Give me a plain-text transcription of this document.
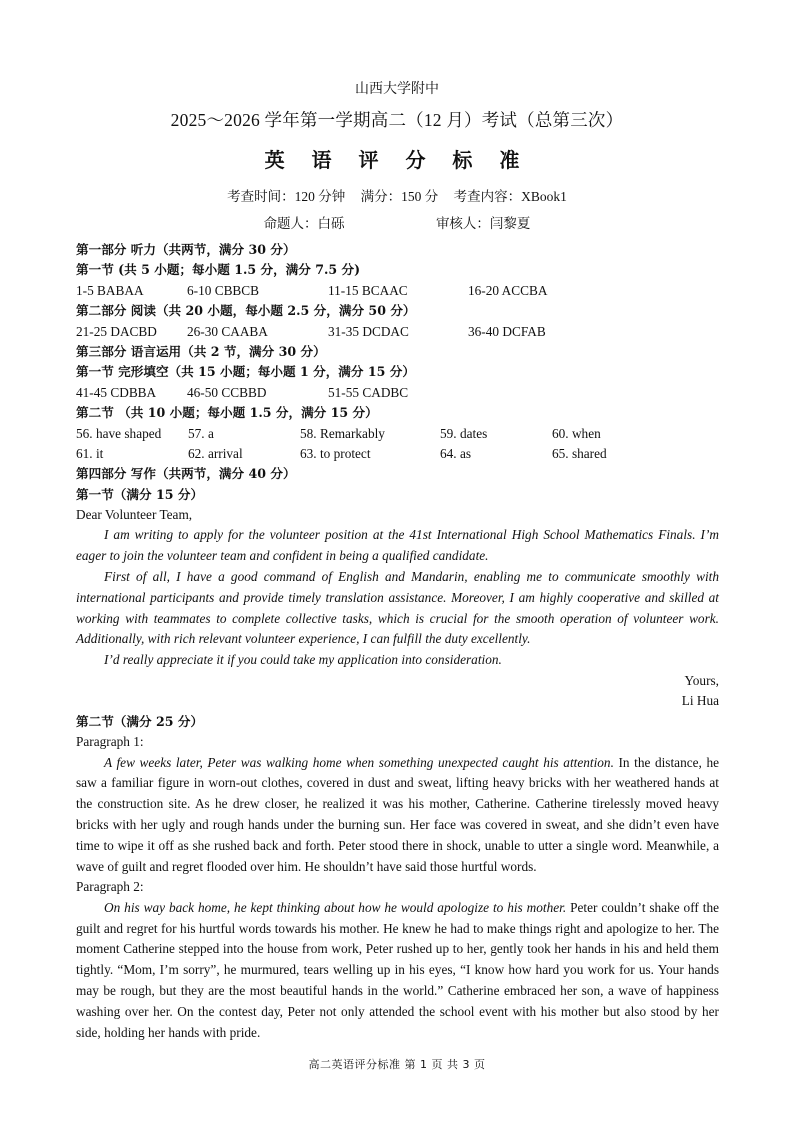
山西大学附中
2025～2026 学年第一学期高二（12 月）考试（总第三次）
英 语 评 分 标 准
考查时间：120 分钟 满分：150 分 考查内容：XBook1
命题人：白砾	审核人：闫黎夏
第一部分 听力（共两节，满分 30 分）
第一节 (共 5 小题；每小题 1.5 分，满分 7.5 分)
1-5 BABAA	6-10 CBBCB	11-15 BCAAC	16-20 ACCBA
第二部分 阅读（共 20 小题，每小题 2.5 分，满分 50 分）
21-25 DACBD	26-30 CAABA	31-35 DCDAC	36-40 DCFAB
第三部分 语言运用（共 2 节，满分 30 分）
第一节 完形填空（共 15 小题；每小题 1 分，满分 15 分）
41-45 CDBBA	46-50 CCBBD	51-55 CADBC
第二节 （共 10 小题；每小题 1.5 分，满分 15 分）
56. have shaped	57. a	58. Remarkably	59. dates	60. when
61. it	62. arrival	63. to protect	64. as	65. shared
第四部分 写作（共两节，满分 40 分）
第一节（满分 15 分）
Dear Volunteer Team,

I am writing to apply for the volunteer position at the 41st International High School Mathematics Finals. I’m eager to join the volunteer team and confident in being a qualified candidate.

First of all, I have a good command of English and Mandarin, enabling me to communicate smoothly with international participants and provide timely translation assistance. Moreover, I am highly cooperative and skilled at working with teammates to complete collective tasks, which is crucial for the smooth operation of volunteer work. Additionally, with rich relevant volunteer experience, I can fulfill the duty excellently.

I’d really appreciate it if you could take my application into consideration.

Yours,
Li Hua
第二节（满分 25 分）
Paragraph 1:

A few weeks later, Peter was walking home when something unexpected caught his attention. In the distance, he saw a familiar figure in worn-out clothes, covered in dust and sweat, lifting heavy bricks with her weathered hands at the construction site. As he drew closer, he realized it was his mother, Catherine. Catherine tirelessly moved heavy bricks with her ugly and rough hands under the burning sun. Her face was covered in sweat, and she didn’t even have time to wipe it off as she rushed back and forth. Peter stood there in shock, unable to utter a single word. Meanwhile, a wave of guilt and regret flooded over him. He shouldn’t have said those hurtful words.

Paragraph 2:

On his way back home, he kept thinking about how he would apologize to his mother. Peter couldn’t shake off the guilt and regret for his hurtful words towards his mother. He knew he had to make things right and apologize to her. The moment Catherine stepped into the house from work, Peter rushed up to her, gently took her hands in his and held them tightly. “Mom, I’m sorry”, he murmured, tears welling up in his eyes, “I know how hard you work for us. Your hands may be rough, but they are the most beautiful hands in the world.” Catherine embraced her son, a wave of happiness washing over her. On the contest day, Peter not only attended the school event with his mother but also stood by her side, holding her hands with pride.

高二英语评分标准 第 1 页 共 3 页
